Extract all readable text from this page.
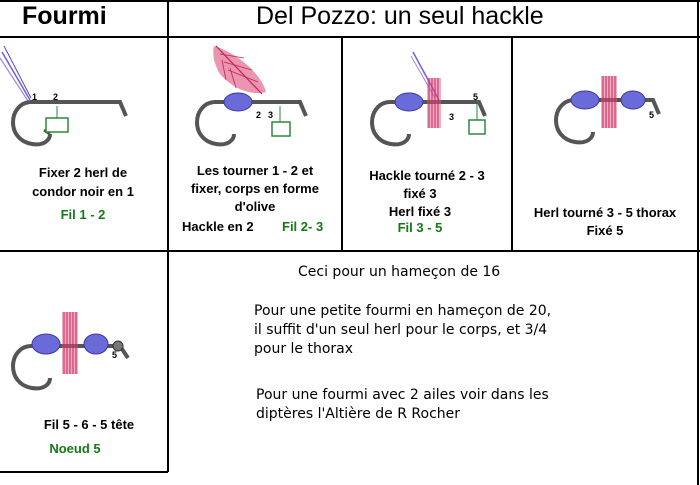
Fourmi	Del Pozzo: un seul hackle
1 2
Fixer 2 herl de
condor noir en 1
Fil 1 - 2
2 3
Les tourner 1 - 2 et
fixer, corps en forme
d'olive
Hackle en 2 Fil 2- 3
3
5
Hackle tourné 2 - 3
fixé 3
Herl fixé 3
Fil 3 - 5
5
Herl tourné 3 - 5 thorax
Fixé 5
5
Fil 5 - 6 - 5 tête
Noeud 5
Ceci pour un hameçon de 16
Pour une petite fourmi en hameçon de 20,
il suffit d'un seul herl pour le corps, et 3/4
pour le thorax
Pour une fourmi avec 2 ailes voir dans les
diptères l'Altière de R Rocher
